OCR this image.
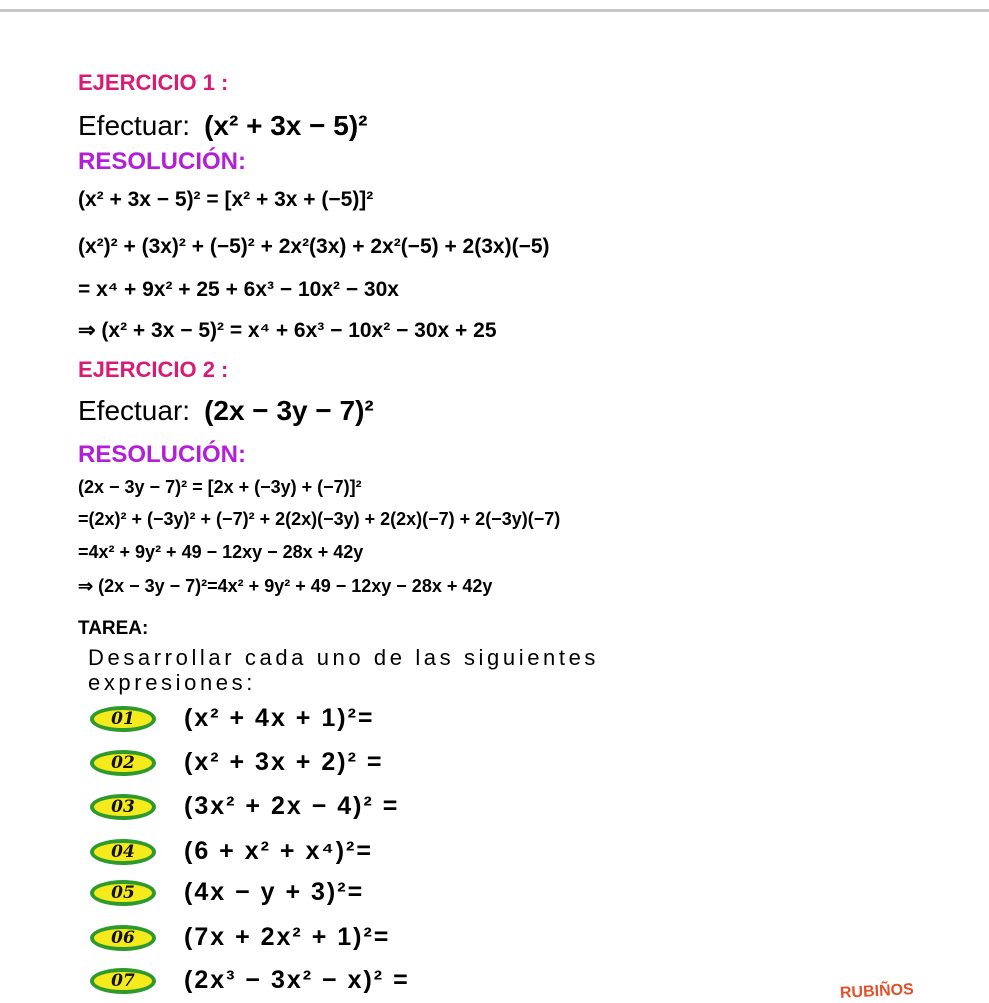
EJERCICIO 1 :
Efectuar: (x² + 3x − 5)²
RESOLUCIÓN:
(x² + 3x − 5)² = [x² + 3x + (−5)]²
(x²)² + (3x)² + (−5)² + 2x²(3x) + 2x²(−5) + 2(3x)(−5)
= x⁴ + 9x² + 25 + 6x³ − 10x² − 30x
⇒ (x² + 3x − 5)² = x⁴ + 6x³ − 10x² − 30x + 25
EJERCICIO 2 :
Efectuar: (2x − 3y − 7)²
RESOLUCIÓN:
(2x − 3y − 7)² = [2x + (−3y) + (−7)]²
=(2x)² + (−3y)² + (−7)² + 2(2x)(−3y) + 2(2x)(−7) + 2(−3y)(−7)
=4x² + 9y² + 49 − 12xy − 28x + 42y
⇒ (2x − 3y − 7)²=4x² + 9y² + 49 − 12xy − 28x + 42y
TAREA:
Desarrollar cada uno de las siguientes
expresiones:
01	(x² + 4x + 1)²=
02	(x² + 3x + 2)² =
03	(3x² + 2x − 4)² =
04	(6 + x² + x⁴)²=
05	(4x − y + 3)²=
06	(7x + 2x² + 1)²=
07	(2x³ − 3x² − x)² =	RUBIÑOS
